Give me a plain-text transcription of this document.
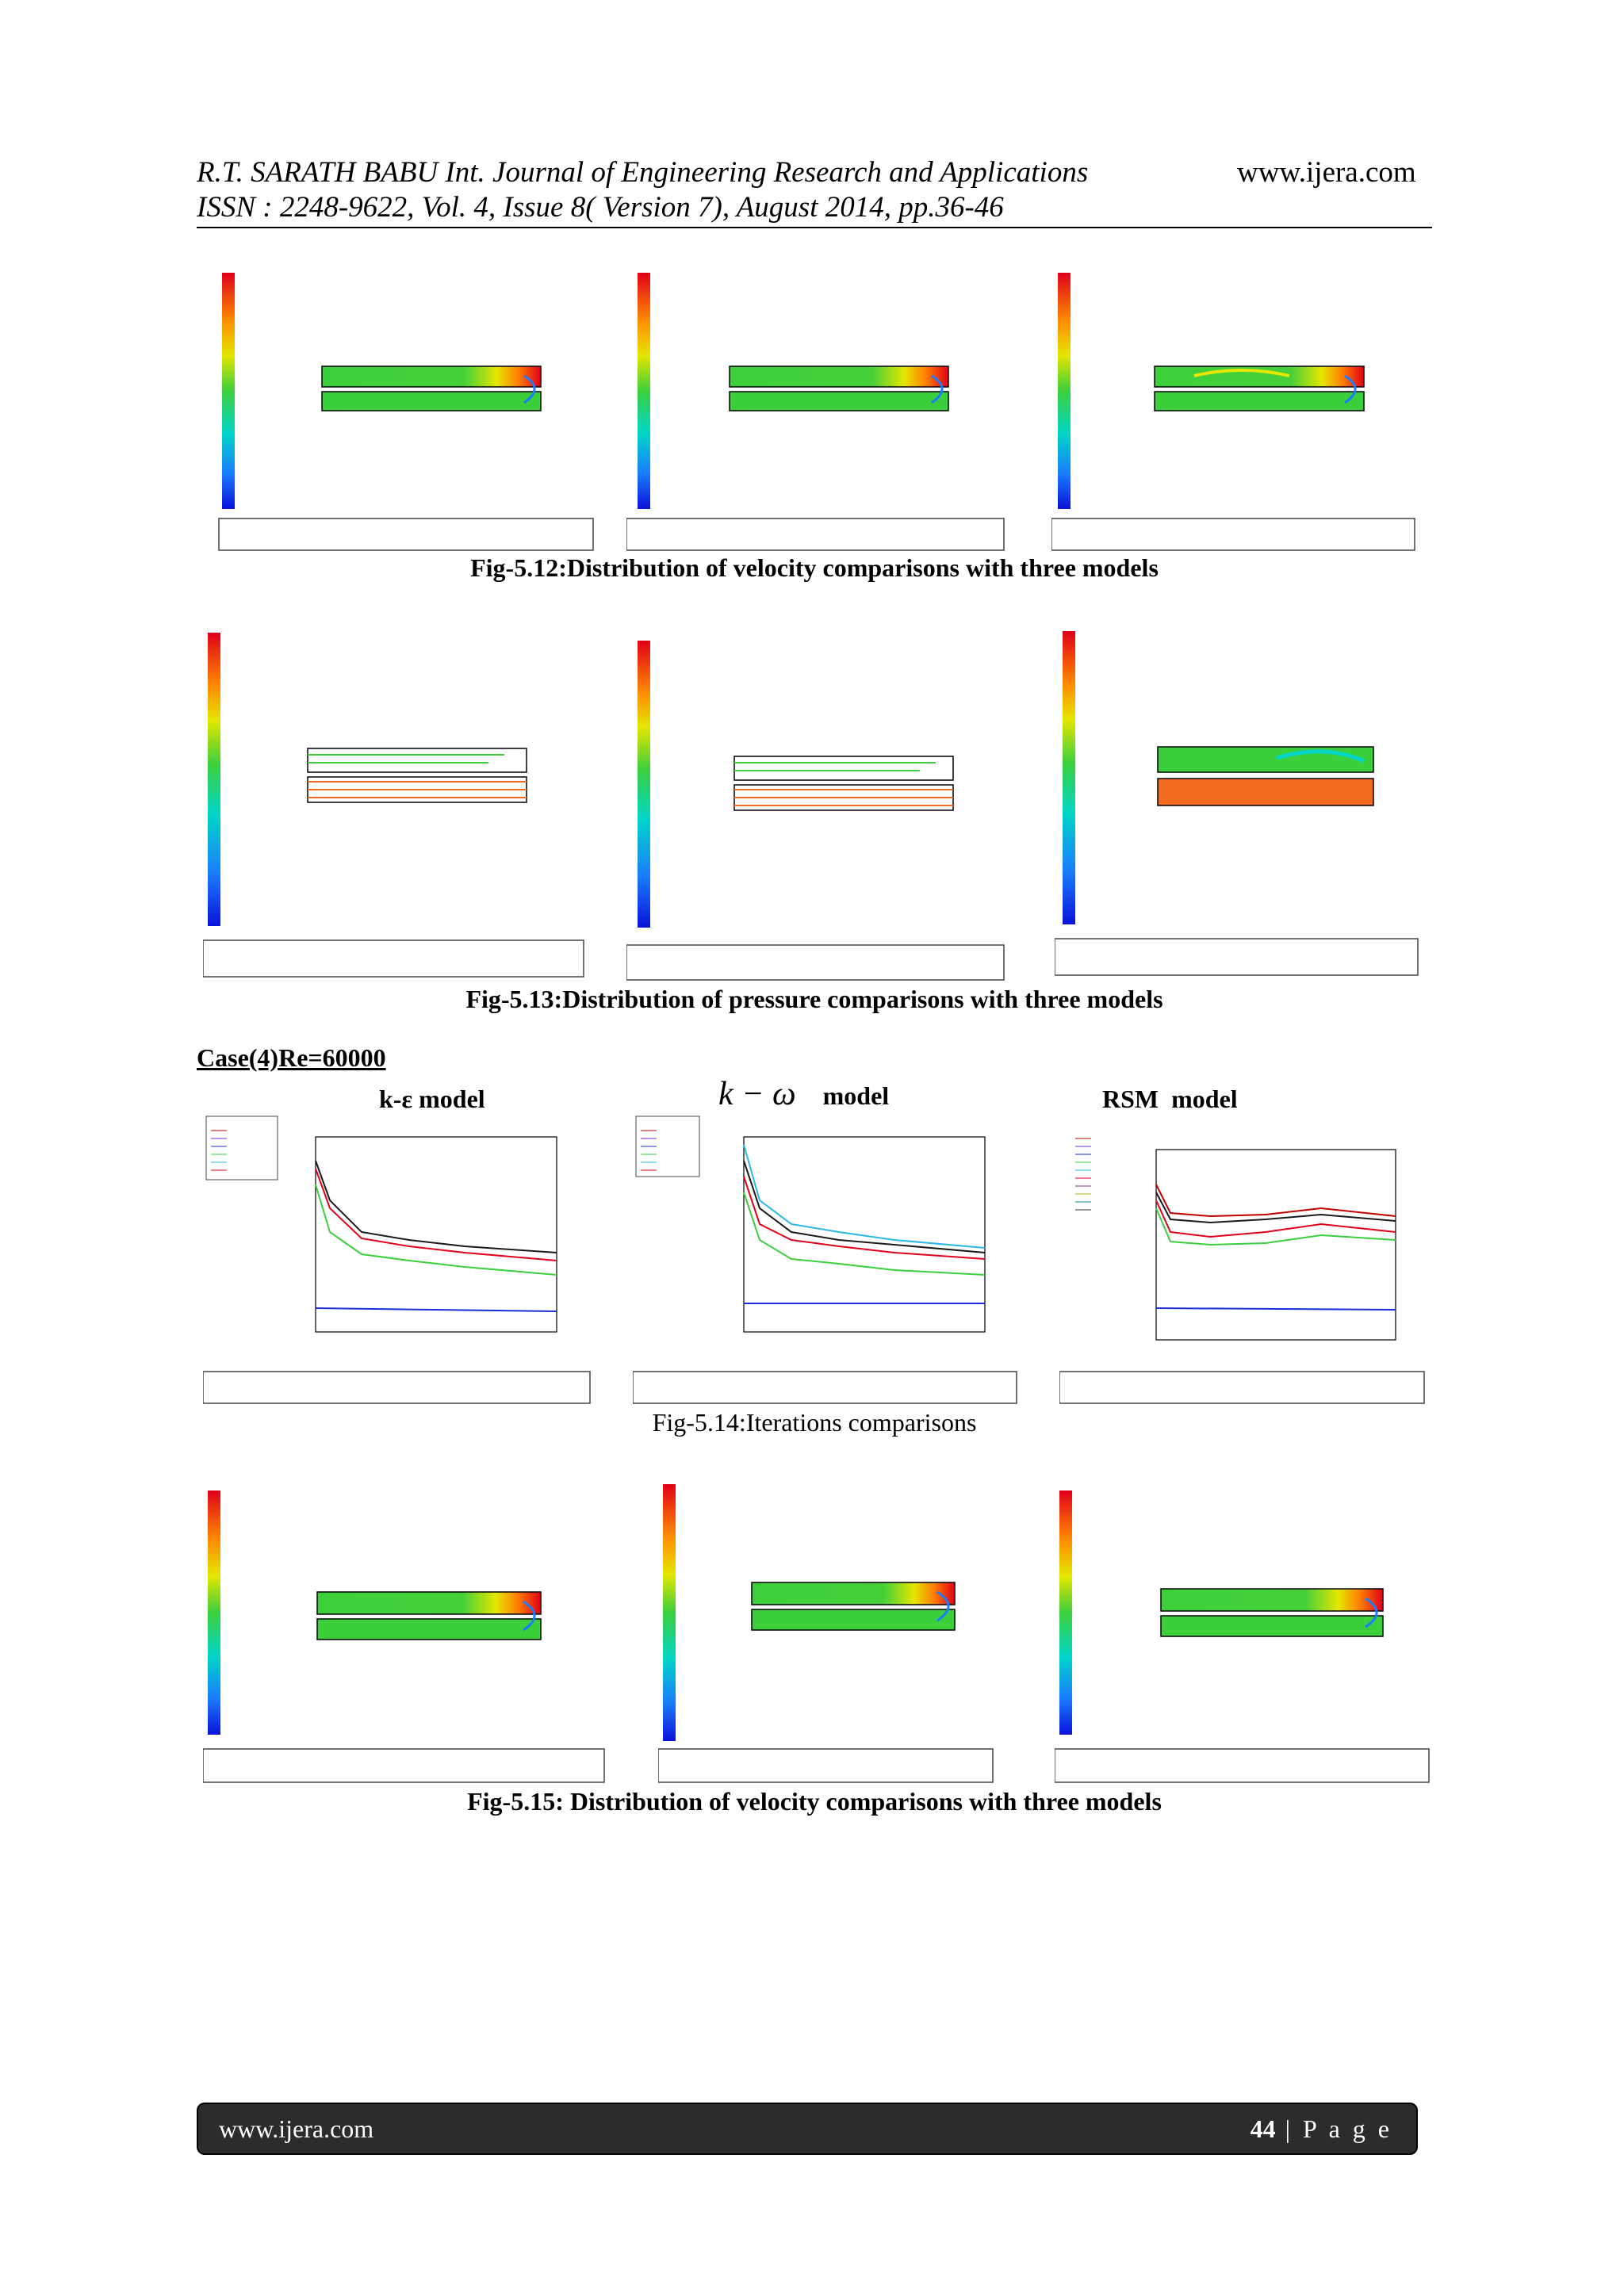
R.T. SARATH BABU Int. Journal of Engineering Research and Applications	www.ijera.com
ISSN : 2248-9622, Vol. 4, Issue 8( Version 7), August 2014, pp.36-46
Fig-5.12:Distribution of velocity comparisons with three models
Fig-5.13:Distribution of pressure comparisons with three models
Case(4)Re=60000
k-ε model	k − ω model	RSM  model
Fig-5.14:Iterations comparisons
Fig-5.15: Distribution of velocity comparisons with three models
www.ijera.com	44 | P a g e
